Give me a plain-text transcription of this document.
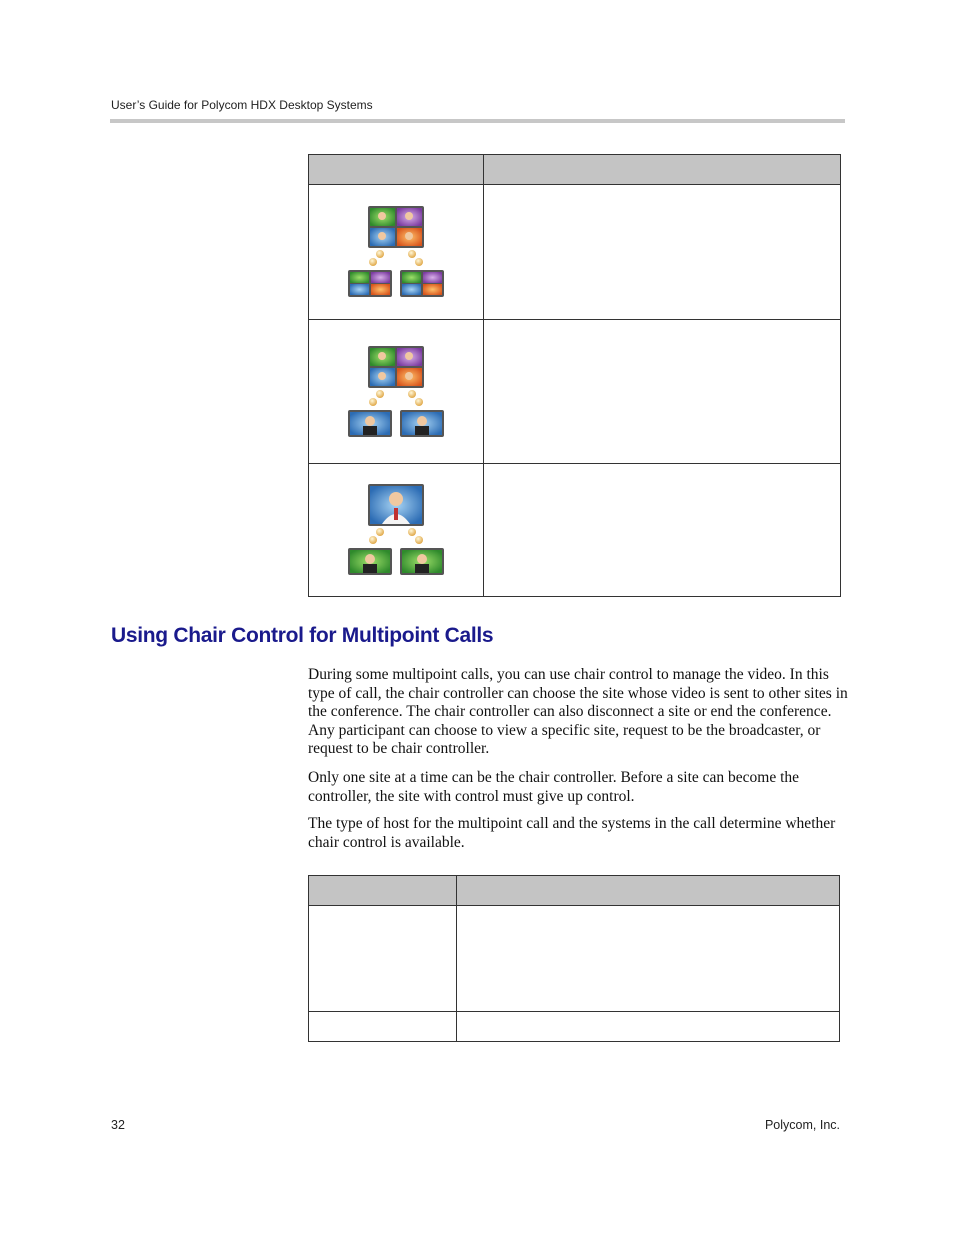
User’s Guide for Polycom HDX Desktop Systems

Using Chair Control for Multipoint Calls

During some multipoint calls, you can use chair control to manage the video. In this type of call, the chair controller can choose the site whose video is sent to other sites in the conference. The chair controller can also disconnect a site or end the conference. Any participant can choose to view a specific site, request to be the broadcaster, or request to be chair controller.

Only one site at a time can be the chair controller. Before a site can become the controller, the site with control must give up control.

The type of host for the multipoint call and the systems in the call determine whether chair control is available.

32	Polycom, Inc.
